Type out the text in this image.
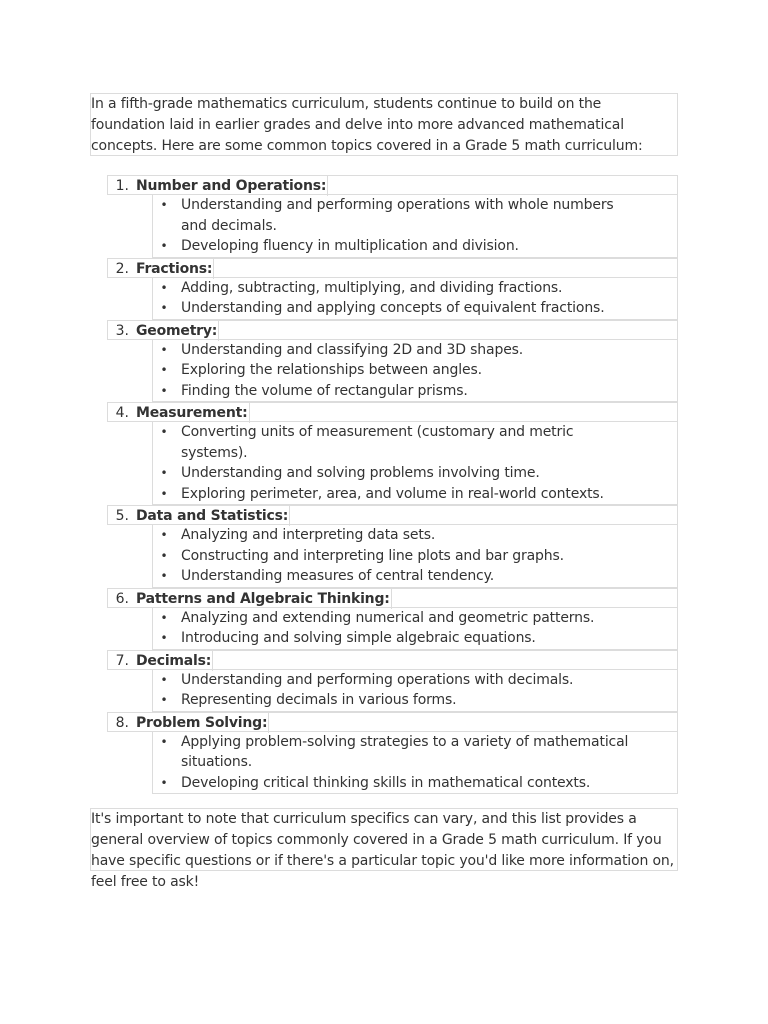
In a fifth-grade mathematics curriculum, students continue to build on the foundation laid in earlier grades and delve into more advanced mathematical concepts. Here are some common topics covered in a Grade 5 math curriculum:

1. Number and Operations:
• Understanding and performing operations with whole numbers and decimals.
• Developing fluency in multiplication and division.
2. Fractions:
• Adding, subtracting, multiplying, and dividing fractions.
• Understanding and applying concepts of equivalent fractions.
3. Geometry:
• Understanding and classifying 2D and 3D shapes.
• Exploring the relationships between angles.
• Finding the volume of rectangular prisms.
4. Measurement:
• Converting units of measurement (customary and metric systems).
• Understanding and solving problems involving time.
• Exploring perimeter, area, and volume in real-world contexts.
5. Data and Statistics:
• Analyzing and interpreting data sets.
• Constructing and interpreting line plots and bar graphs.
• Understanding measures of central tendency.
6. Patterns and Algebraic Thinking:
• Analyzing and extending numerical and geometric patterns.
• Introducing and solving simple algebraic equations.
7. Decimals:
• Understanding and performing operations with decimals.
• Representing decimals in various forms.
8. Problem Solving:
• Applying problem-solving strategies to a variety of mathematical situations.
• Developing critical thinking skills in mathematical contexts.

It's important to note that curriculum specifics can vary, and this list provides a general overview of topics commonly covered in a Grade 5 math curriculum. If you have specific questions or if there's a particular topic you'd like more information on, feel free to ask!
